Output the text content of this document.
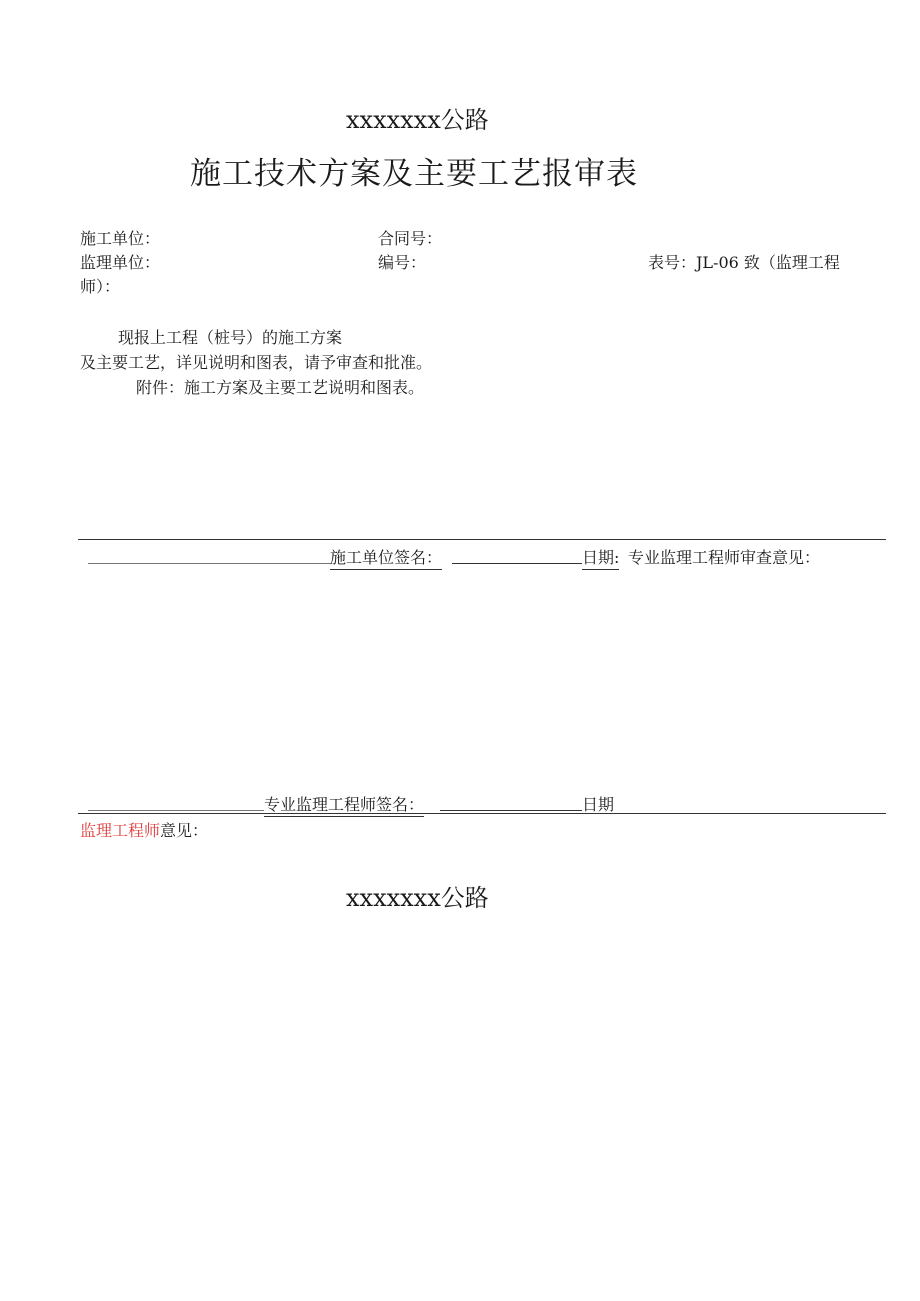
xxxxxxx公路
施工技术方案及主要工艺报审表
施工单位：	合同号：
监理单位：	编号：	表号：JL-06 致（监理工程
师）：
现报上工程（桩号）的施工方案
及主要工艺，详见说明和图表，请予审查和批准。
附件：施工方案及主要工艺说明和图表。
施工单位签名：	日期: 专业监理工程师审查意见：
专业监理工程师签名：	日期
监理工程师意见：
xxxxxxx公路
